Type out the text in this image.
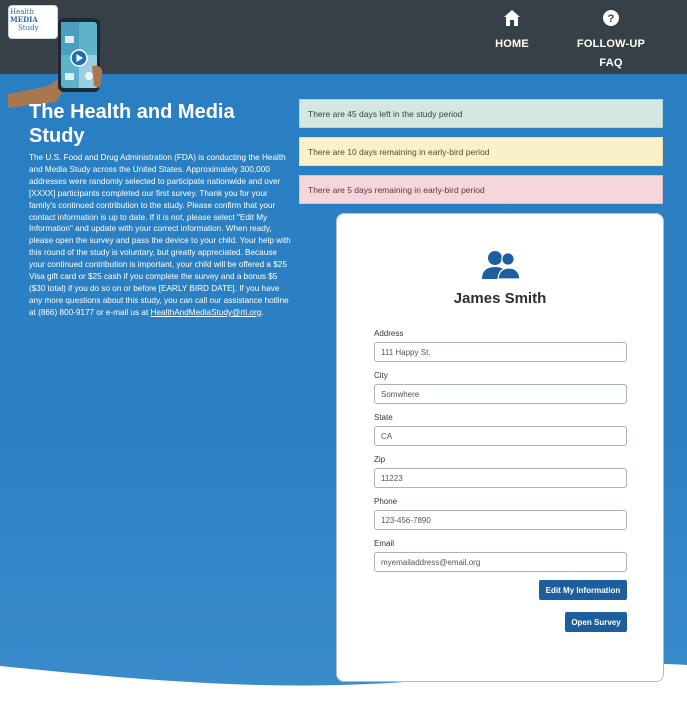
HOME
?
FOLLOW-UP FAQ
Health MEDIA
Study
The Health and Media Study
The U.S. Food and Drug Administration (FDA) is conducting the Health and Media Study across the United States. Approximately 300,000 addresses were randomly selected to participate nationwide and over [XXXX] participants completed our first survey. Thank you for your family's continued contribution to the study. Please confirm that your contact information is up to date. If it is not, please select "Edit My Information" and update with your correct information. When ready, please open the survey and pass the device to your child. Your help with this round of the study is voluntary, but greatly appreciated. Because your continued contribution is important, your child will be offered a $25 Visa gift card or $25 cash if you complete the survey and a bonus $5 ($30 total) if you do so on or before [EARLY BIRD DATE]. If you have any more questions about this study, you can call our assistance hotline at (866) 800-9177 or e-mail us at HealthAndMediaStudy@rti.org.
There are 45 days left in the study period
There are 10 days remaining in early-bird period
There are 5 days remaining in early-bird period
James Smith
Address
111 Happy St.
City
Somwhere
State
CA
Zip
11223
Phone
123-456-7890
Email
myemailaddress@email.org
Edit My Information
Open Survey
